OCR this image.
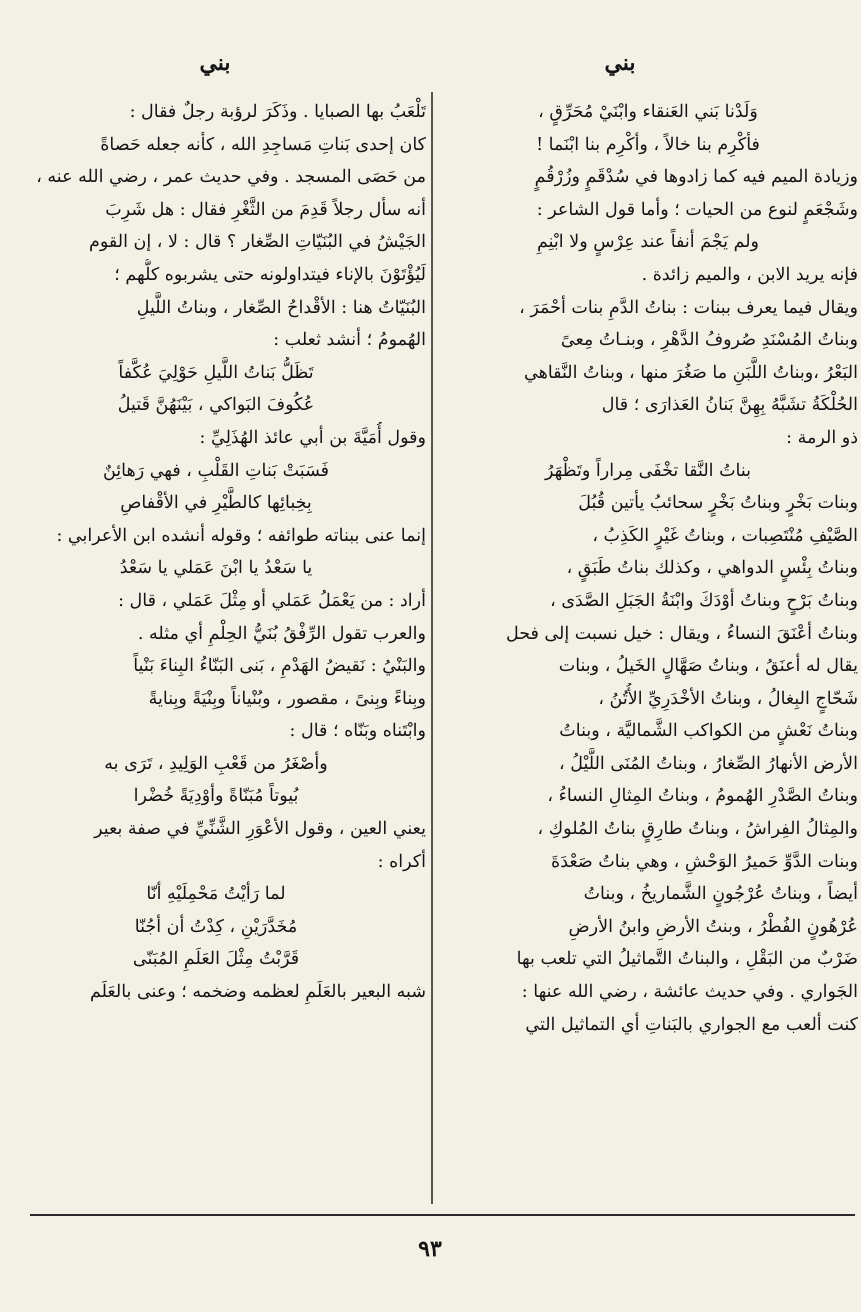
بني
بني
وَلَدْنا بَني العَنقاء وابْنَيْ مُحَرِّقٍ ،
فأكْرِم بنا خالاً ، وأكْرِم بنا ابْنَما !
وزيادة الميم فيه كما زادوها في سُدْقَمٍ وزُرْقُمٍ
وشَجْعَمٍ لنوع من الحيات ؛ وأما قول الشاعر :
ولم يَجْمَ أنفاً عند عِرْسٍ ولا ابْنِمِ
فإنه يريد الابن ، والميم زائدة .
ويقال فيما يعرف ببنات : بناتُ الدَّمِ بنات أحْمَرَ ،
وبناتُ المُسْنَدِ صُروفُ الدَّهْرِ ، وبنـاتُ مِعىً
البَعْرُ ،وبناتُ اللَّبَنِ ما صَغُرَ منها ، وبناتُ النَّقاهي
الحُلْكَةُ تشَبَّهُ بِهِنَّ بَنانُ العَذارَى ؛ قال
ذو الرمة :
بناتُ النَّقا تخْفَى مِراراً وتَظْهَرُ
وبنات بَخْرٍ وبناتُ بَخْرٍ سحائبُ يأتين قُبُلَ
الصَّيْفِ مُنْتَصِبات ، وبناتُ غَيْرٍ الكَذِبُ ،
وبناتُ بِئْسٍ الدواهي ، وكذلك بناتُ طَبَقٍ ،
وبناتُ بَرْحٍ وبناتُ أوْدَكَ وابْنَةُ الجَبَلِ الصَّدَى ،
وبناتُ أعْنَقَ النساءُ ، ويقال : خيل نسبت إلى فحل
يقال له أعنَقُ ، وبناتُ صَهَّالٍ الخَيلُ ، وبنات
شَحّاجٍ البِغالُ ، وبناتُ الأخْدَرِيِّ الأُتُنُ ،
وبناتُ نَعْشٍ من الكواكب الشَّماليَّة ، وبناتُ
الأرض الأنهارُ الصِّغارُ ، وبناتُ المُنَى اللَّيْلُ ،
وبناتُ الصَّدْرِ الهُمومُ ، وبناتُ المِثالِ النساءُ ،
والمِثالُ الفِراشُ ، وبناتُ طارِقٍ بناتُ المُلوكِ ،
وبنات الدَّوِّ حَميرُ الوَحْشِ ، وهي بناتُ صَعْدَةَ
أيضاً ، وبناتُ عُرْجُونٍ الشَّماريخُ ، وبناتُ
عُرْهُونٍ الفُطْرُ ، وبنتُ الأرضِ وابنُ الأرضِ
ضَرْبٌ من البَقْلِ ، والبناتُ التَّماثيلُ التي تلعب بها
الجَواري . وفي حديث عائشة ، رضي الله عنها :
كنت ألعب مع الجواري بالبَناتِ أي التماثيل التي
تَلْعَبُ بها الصبايا . وذَكَرَ لرؤبة رجلٌ فقال :
كان إحدى بَناتِ مَساجِدِ الله ، كأنه جعله حَصاةً
من حَصَى المسجد . وفي حديث عمر ، رضي الله عنه ،
أنه سأل رجلاً قَدِمَ من الثَّغْرِ فقال : هل شَرِبَ
الجَيْشُ في البُنَيّاتِ الصِّغار ؟ قال : لا ، إن القوم
لَيُؤْتَوْنَ بالإناء فيتداولونه حتى يشربوه كلُّهم ؛
البُنَيّاتُ هنا : الأقْداحُ الصِّغار ، وبناتُ اللَّيلِ
الهُمومُ ؛ أنشد ثعلب :
تَظَلُّ بَناتُ اللَّيلِ حَوْلِيَ عُكَّفاً
عُكُوفَ البَواكي ، بَيْنَهُنَّ قَتيلُ
وقول أُمَيَّةَ بن أبي عائذ الهُذَلِيِّ :
فَسَبَتْ بَناتِ القَلْبِ ، فهي رَهائِنٌ
بِخِبائِها كالطَّيْرِ في الأقْفاصِ
إنما عنى ببناته طوائفه ؛ وقوله أنشده ابن الأعرابي :
يا سَعْدُ يا ابْنَ عَمَلي يا سَعْدُ
أراد : من يَعْمَلُ عَمَلي أو مِثْلَ عَمَلي ، قال :
والعرب تقول الرِّفْقُ بُنَيُّ الحِلْمِ أي مثله .
والبَنْيُ : نَقيضُ الهَدْمِ ، بَنى البَنّاءُ البِناءَ بَنْياً
وبِناءً وبِنىً ، مقصور ، وبُنْياناً وبِنْيَةً وبِنايةً
وابْتَناه وبَنّاه ؛ قال :
وأصْغَرُ من قَعْبِ الوَلِيدِ ، تَرَى به
بُيوتاً مُبَنّاةً وأوْدِيَةً خُضْرا
يعني العين ، وقول الأعْوَرِ الشَّنِّيِّ في صفة بعير
أكراه :
لما رَأيْتُ مَحْمِلَيْهِ أنّا
مُخَدَّرَيْنِ ، كِدْتُ أن أجُنّا
قَرَّبْتُ مِثْلَ العَلَمِ المُبَنّى
شبه البعير بالعَلَمِ لعظمه وضخمه ؛ وعنى بالعَلَم
٩٣
